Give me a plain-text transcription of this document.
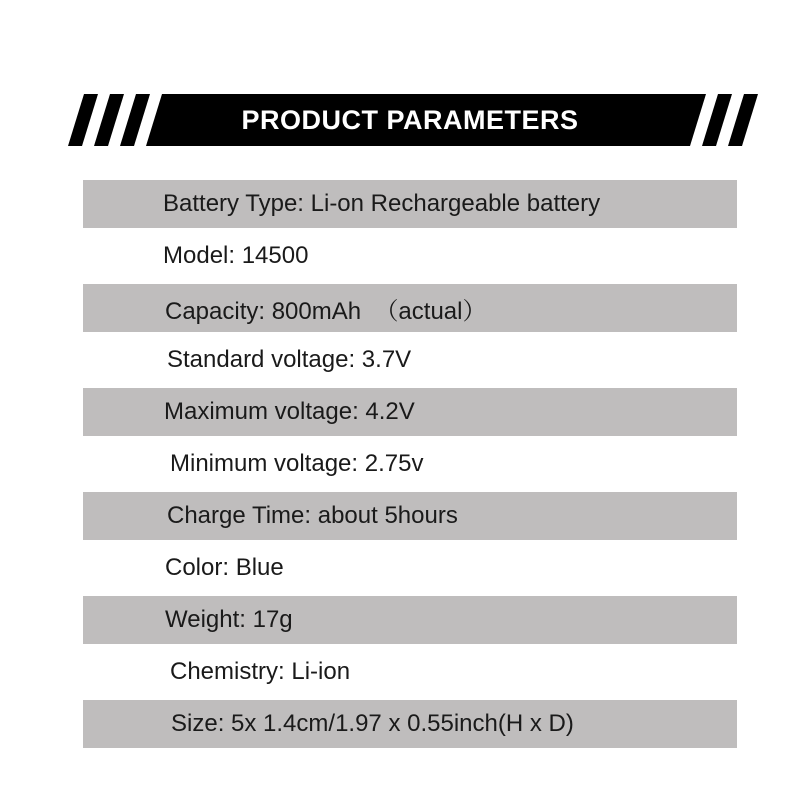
PRODUCT PARAMETERS
Battery Type: Li-on Rechargeable battery
Model: 14500
Capacity: 800mAh  （actual）
Standard voltage: 3.7V
Maximum voltage: 4.2V
Minimum voltage: 2.75v
Charge Time: about 5hours
Color: Blue
Weight: 17g
Chemistry: Li-ion
Size: 5x 1.4cm/1.97 x 0.55inch(H x D)
